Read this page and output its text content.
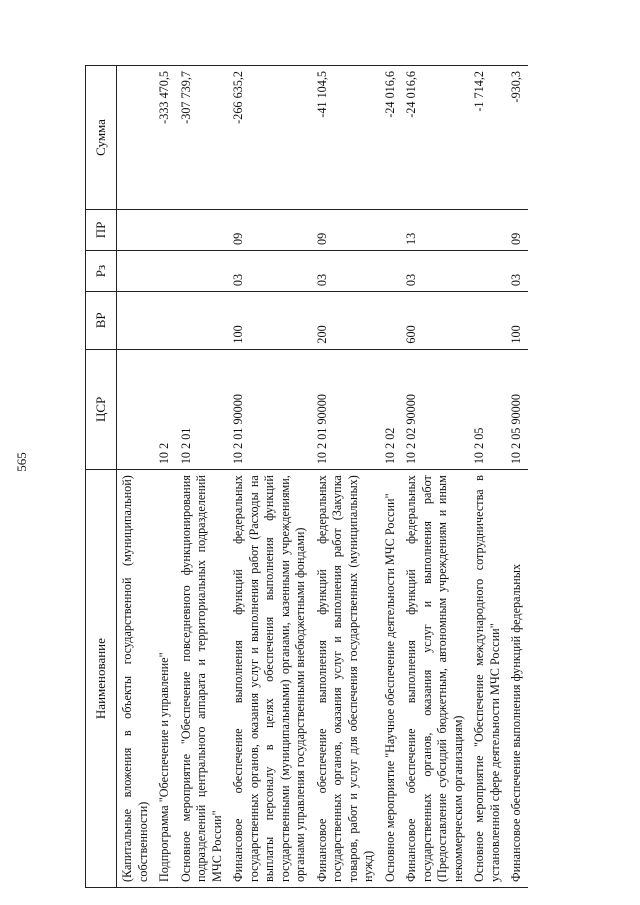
565
Наименование	ЦСР	ВР	Рз	ПР	Сумма
(Капитальные вложения в объекты государственной (муниципальной) собственности)					
Подпрограмма "Обеспечение и управление"	10 2				-333 470,5
Основное мероприятие "Обеспечение повседневного функционирования подразделений центрального аппарата и территориальных подразделений МЧС России"	10 2 01				-307 739,7
Финансовое обеспечение выполнения функций федеральных государственных органов, оказания услуг и выполнения работ (Расходы на выплаты персоналу в целях обеспечения выполнения функций государственными (муниципальными) органами, казенными учреждениями, органами управления государственными внебюджетными фондами)	10 2 01 90000	100	03	09	-266 635,2
Финансовое обеспечение выполнения функций федеральных государственных органов, оказания услуг и выполнения работ (Закупка товаров, работ и услуг для обеспечения государственных (муниципальных) нужд)	10 2 01 90000	200	03	09	-41 104,5
Основное мероприятие "Научное обеспечение деятельности МЧС России"	10 2 02				-24 016,6
Финансовое обеспечение выполнения функций федеральных государственных органов, оказания услуг и выполнения работ (Предоставление субсидий бюджетным, автономным учреждениям и иным некоммерческим организациям)	10 2 02 90000	600	03	13	-24 016,6
Основное мероприятие "Обеспечение международного сотрудничества в установленной сфере деятельности МЧС России"	10 2 05				-1 714,2
Финансовое обеспечение выполнения функций федеральных	10 2 05 90000	100	03	09	-930,3
